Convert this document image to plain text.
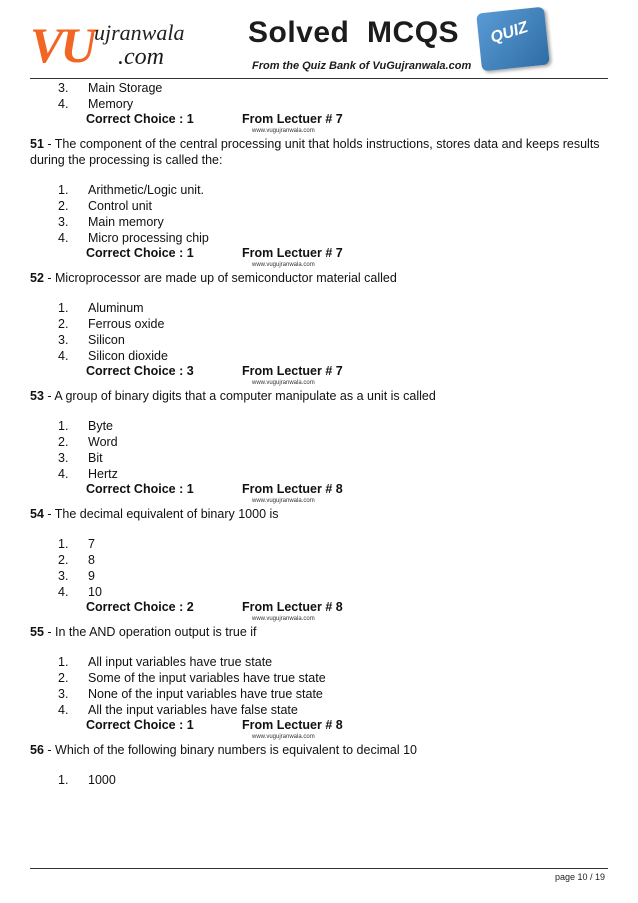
VU ujranwala
.com
Solved  MCQS
From the Quiz Bank of VuGujranwala.com
QUIZ
3. Main Storage
4. Memory
Correct Choice : 1	From Lectuer # 7
www.vugujranwala.com
51 - The component of the central processing unit that holds instructions, stores data and keeps results during the processing is called the:
1. Arithmetic/Logic unit.
2. Control unit
3. Main memory
4. Micro processing chip
Correct Choice : 1	From Lectuer # 7
www.vugujranwala.com
52 - Microprocessor are made up of semiconductor material called
1. Aluminum
2. Ferrous oxide
3. Silicon
4. Silicon dioxide
Correct Choice : 3	From Lectuer # 7
www.vugujranwala.com
53 - A group of binary digits that a computer manipulate as a unit is called
1. Byte
2. Word
3. Bit
4. Hertz
Correct Choice : 1	From Lectuer # 8
www.vugujranwala.com
54 - The decimal equivalent of binary 1000 is
1. 7
2. 8
3. 9
4. 10
Correct Choice : 2	From Lectuer # 8
www.vugujranwala.com
55 - In the AND operation output is true if
1. All input variables have true state
2. Some of the input variables have true state
3. None of the input variables have true state
4. All the input variables have false state
Correct Choice : 1	From Lectuer # 8
www.vugujranwala.com
56 - Which of the following binary numbers is equivalent to decimal 10
1. 1000
page 10 / 19
